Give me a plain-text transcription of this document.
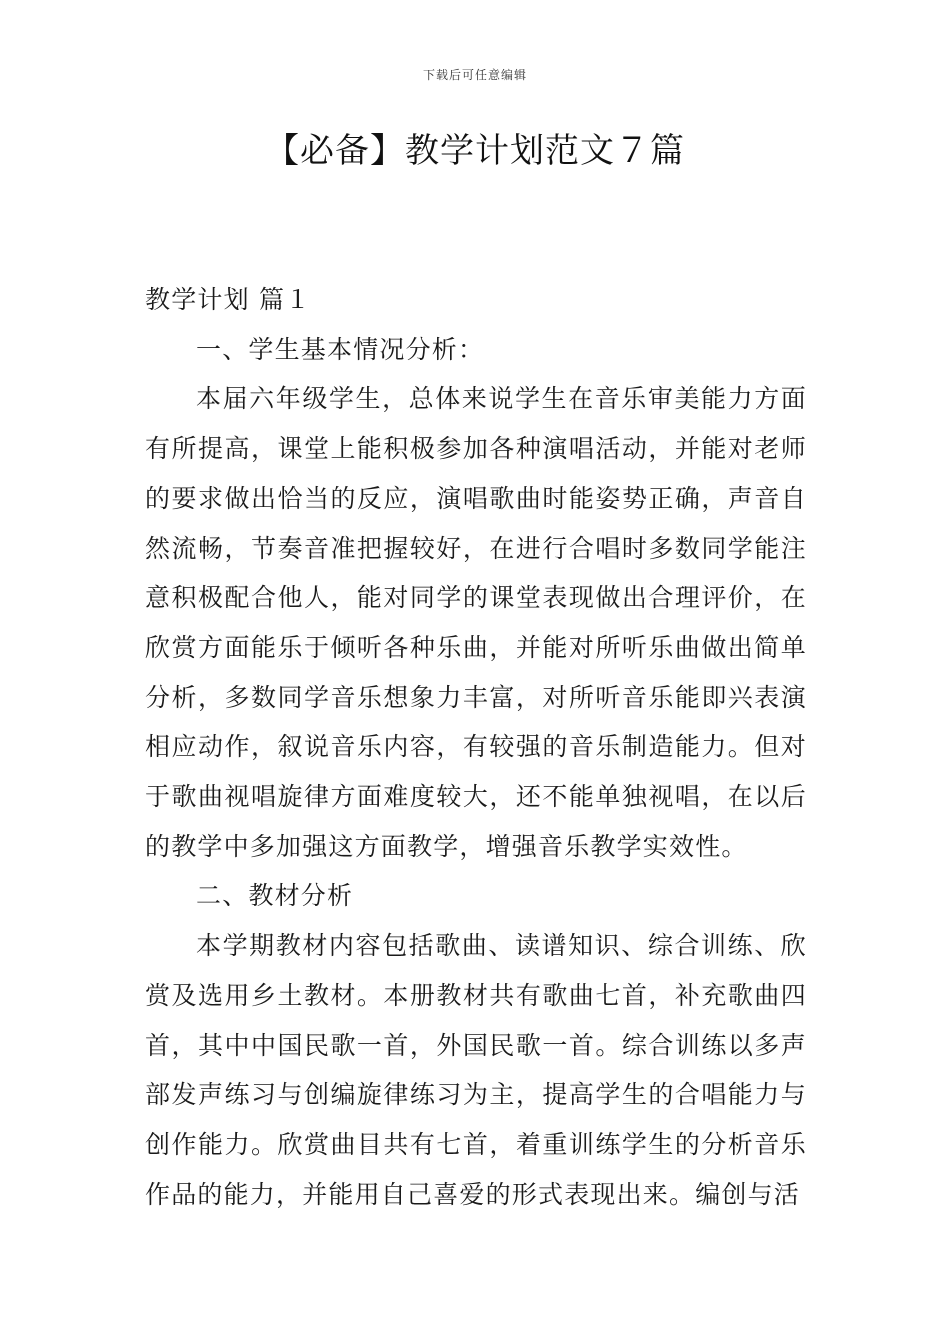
下载后可任意编辑
【必备】教学计划范文７篇

教学计划 篇１

一、学生基本情况分析：

本届六年级学生，总体来说学生在音乐审美能力方面有所提高，课堂上能积极参加各种演唱活动，并能对老师的要求做出恰当的反应，演唱歌曲时能姿势正确，声音自然流畅，节奏音准把握较好，在进行合唱时多数同学能注意积极配合他人，能对同学的课堂表现做出合理评价，在欣赏方面能乐于倾听各种乐曲，并能对所听乐曲做出简单分析，多数同学音乐想象力丰富，对所听音乐能即兴表演相应动作，叙说音乐内容，有较强的音乐制造能力。但对于歌曲视唱旋律方面难度较大，还不能单独视唱，在以后的教学中多加强这方面教学，增强音乐教学实效性。

二、教材分析

本学期教材内容包括歌曲、读谱知识、综合训练、欣赏及选用乡土教材。本册教材共有歌曲七首，补充歌曲四首，其中中国民歌一首，外国民歌一首。综合训练以多声部发声练习与创编旋律练习为主，提高学生的合唱能力与创作能力。欣赏曲目共有七首，着重训练学生的分析音乐作品的能力，并能用自己喜爱的形式表现出来。编创与活
